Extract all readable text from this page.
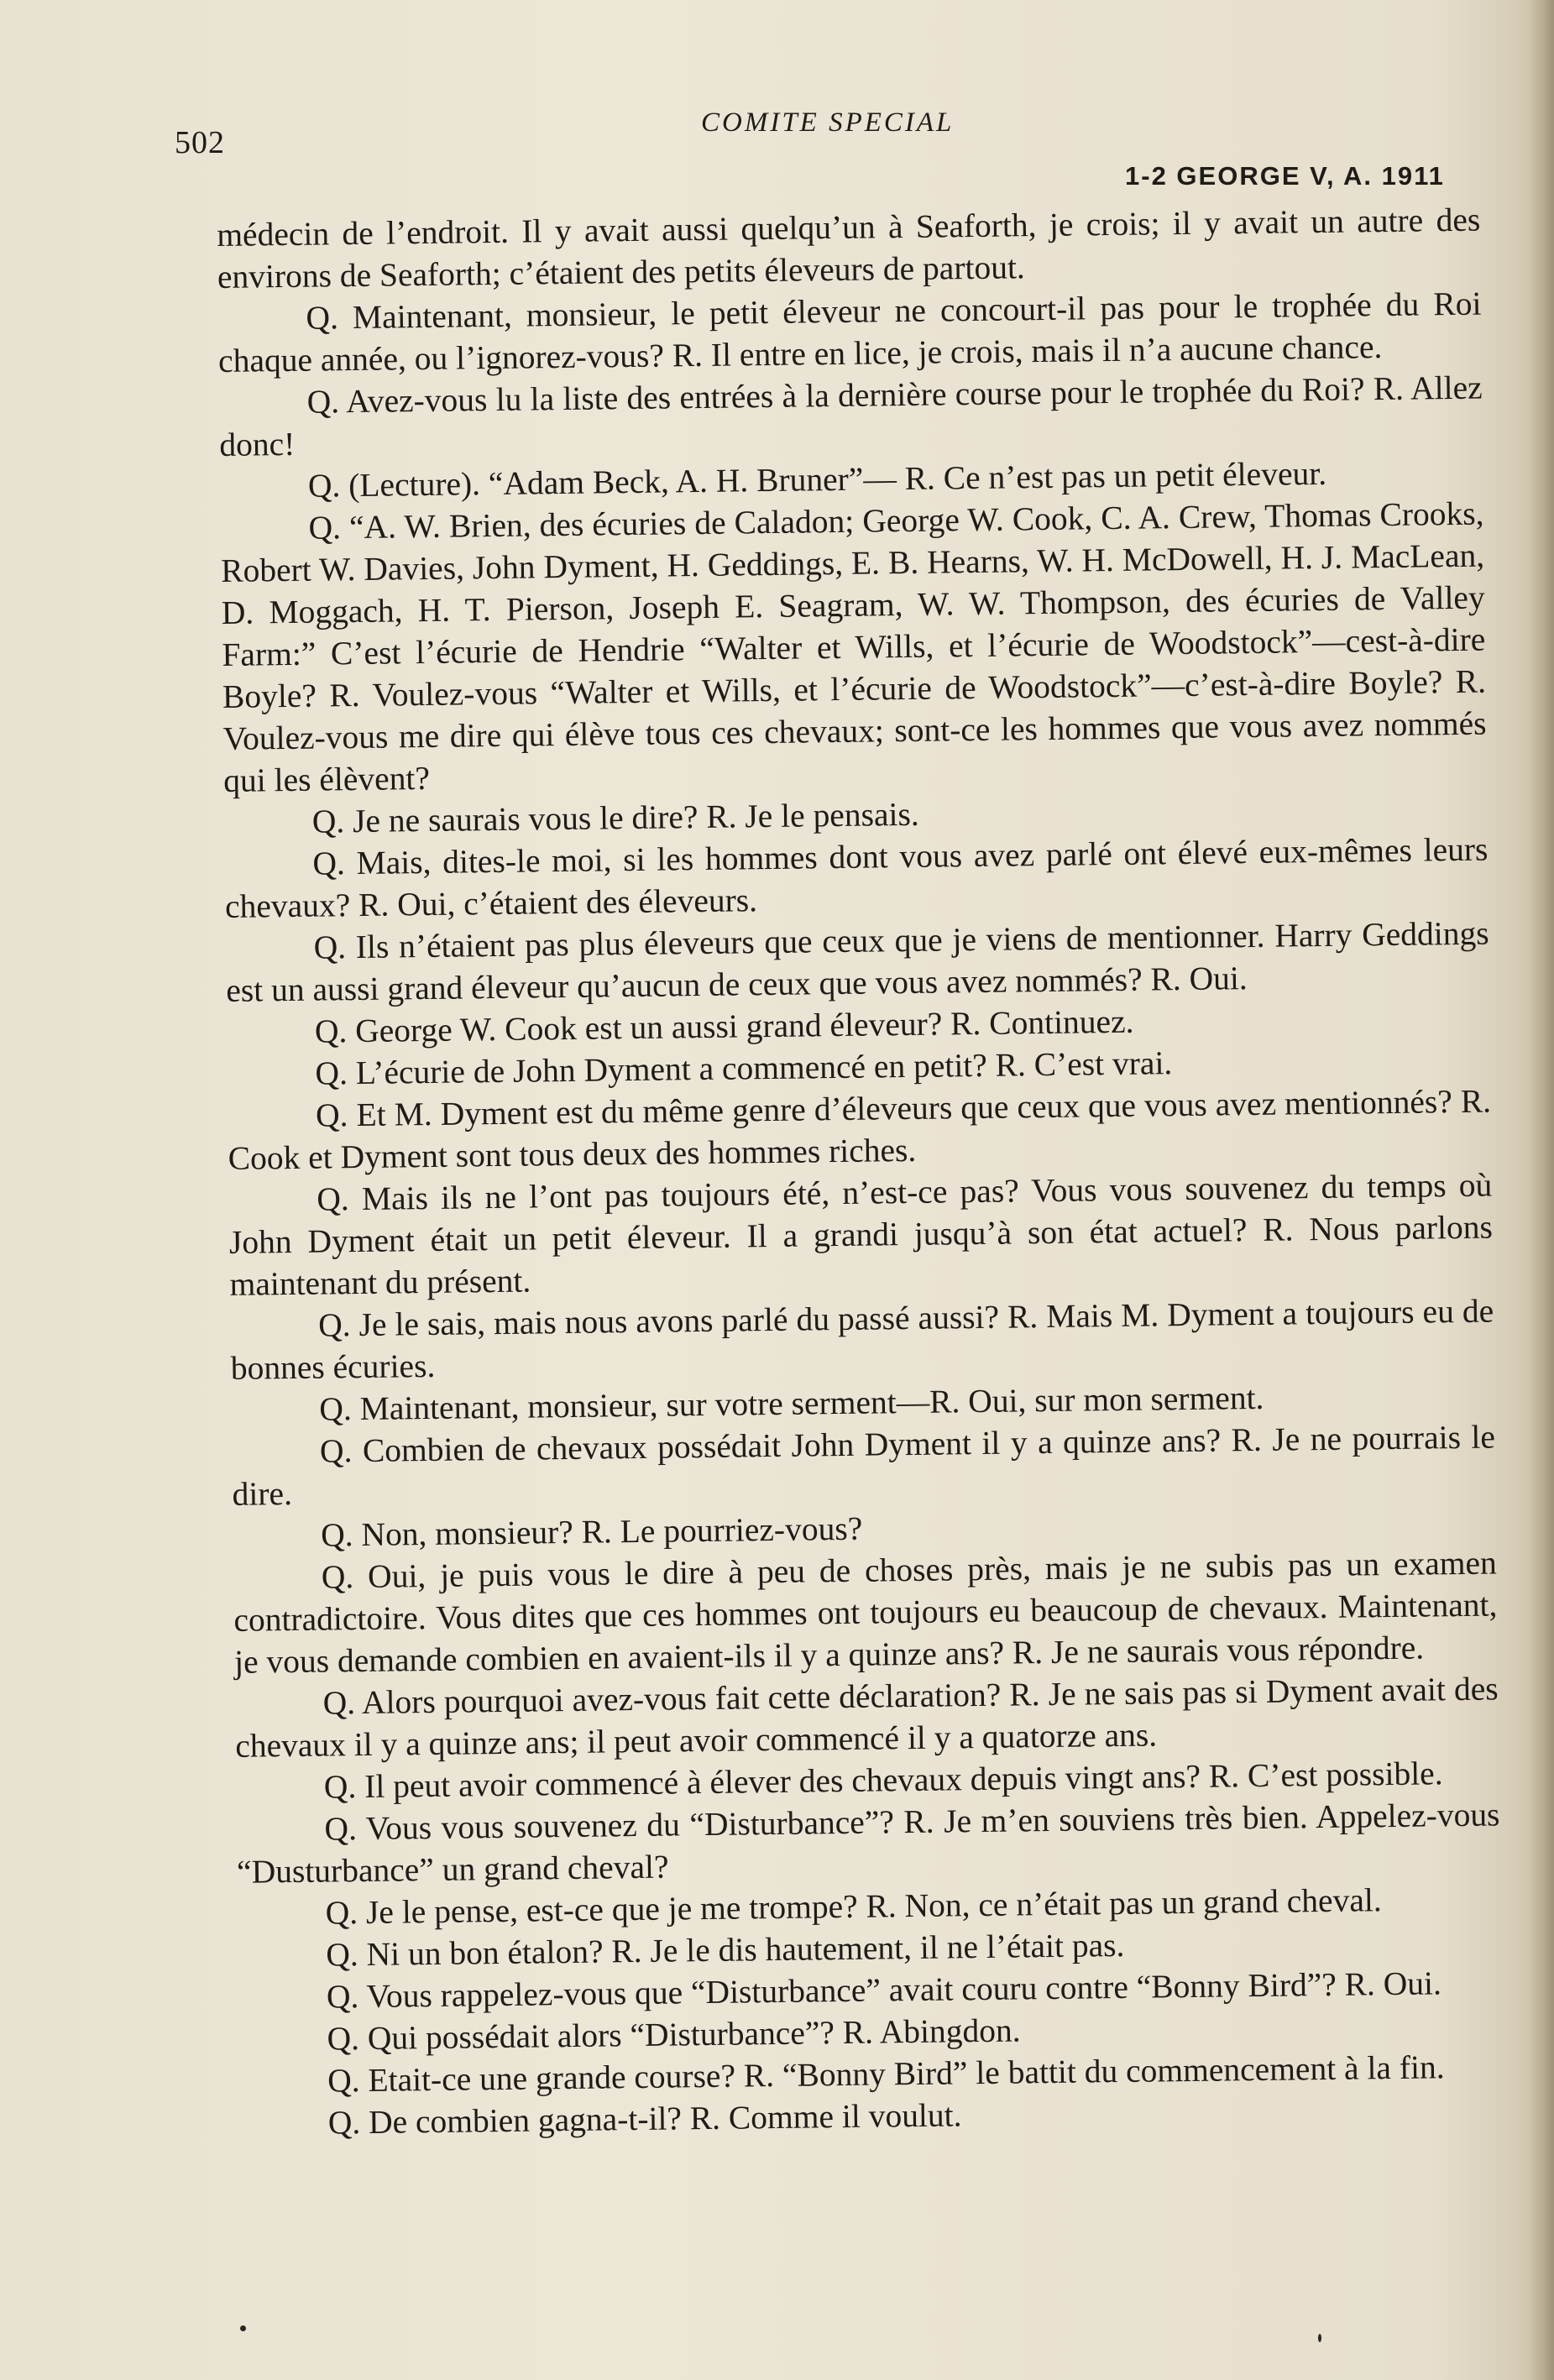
502
COMITE SPECIAL
1-2 GEORGE V, A. 1911

médecin de l’endroit. Il y avait aussi quelqu’un à Seaforth, je crois; il y avait un autre des environs de Seaforth; c’étaient des petits éleveurs de partout.

Q. Maintenant, monsieur, le petit éleveur ne concourt-il pas pour le trophée du Roi chaque année, ou l’ignorez-vous? R. Il entre en lice, je crois, mais il n’a aucune chance.

Q. Avez-vous lu la liste des entrées à la dernière course pour le trophée du Roi? R. Allez donc!

Q. (Lecture). “Adam Beck, A. H. Bruner”— R. Ce n’est pas un petit éleveur.

Q. “A. W. Brien, des écuries de Caladon; George W. Cook, C. A. Crew, Thomas Crooks, Robert W. Davies, John Dyment, H. Geddings, E. B. Hearns, W. H. McDowell, H. J. MacLean, D. Moggach, H. T. Pierson, Joseph E. Seagram, W. W. Thompson, des écuries de Valley Farm:” C’est l’écurie de Hendrie “Walter et Wills, et l’écurie de Woodstock”—cest-à-dire Boyle? R. Voulez-vous “Walter et Wills, et l’écurie de Woodstock”—c’est-à-dire Boyle? R. Voulez-vous me dire qui élève tous ces chevaux; sont-ce les hommes que vous avez nommés qui les élèvent?

Q. Je ne saurais vous le dire? R. Je le pensais.

Q. Mais, dites-le moi, si les hommes dont vous avez parlé ont élevé eux-mêmes leurs chevaux? R. Oui, c’étaient des éleveurs.

Q. Ils n’étaient pas plus éleveurs que ceux que je viens de mentionner. Harry Geddings est un aussi grand éleveur qu’aucun de ceux que vous avez nommés? R. Oui.

Q. George W. Cook est un aussi grand éleveur? R. Continuez.

Q. L’écurie de John Dyment a commencé en petit? R. C’est vrai.

Q. Et M. Dyment est du même genre d’éleveurs que ceux que vous avez mentionnés? R. Cook et Dyment sont tous deux des hommes riches.

Q. Mais ils ne l’ont pas toujours été, n’est-ce pas? Vous vous souvenez du temps où John Dyment était un petit éleveur. Il a grandi jusqu’à son état actuel? R. Nous parlons maintenant du présent.

Q. Je le sais, mais nous avons parlé du passé aussi? R. Mais M. Dyment a toujours eu de bonnes écuries.

Q. Maintenant, monsieur, sur votre serment—R. Oui, sur mon serment.

Q. Combien de chevaux possédait John Dyment il y a quinze ans? R. Je ne pourrais le dire.

Q. Non, monsieur? R. Le pourriez-vous?

Q. Oui, je puis vous le dire à peu de choses près, mais je ne subis pas un examen contradictoire. Vous dites que ces hommes ont toujours eu beaucoup de chevaux. Maintenant, je vous demande combien en avaient-ils il y a quinze ans? R. Je ne saurais vous répondre.

Q. Alors pourquoi avez-vous fait cette déclaration? R. Je ne sais pas si Dyment avait des chevaux il y a quinze ans; il peut avoir commencé il y a quatorze ans.

Q. Il peut avoir commencé à élever des chevaux depuis vingt ans? R. C’est possible.

Q. Vous vous souvenez du “Disturbance”? R. Je m’en souviens très bien. Appelez-vous “Dusturbance” un grand cheval?

Q. Je le pense, est-ce que je me trompe? R. Non, ce n’était pas un grand cheval.

Q. Ni un bon étalon? R. Je le dis hautement, il ne l’était pas.

Q. Vous rappelez-vous que “Disturbance” avait couru contre “Bonny Bird”? R. Oui.

Q. Qui possédait alors “Disturbance”? R. Abingdon.

Q. Etait-ce une grande course? R. “Bonny Bird” le battit du commencement à la fin.

Q. De combien gagna-t-il? R. Comme il voulut.
